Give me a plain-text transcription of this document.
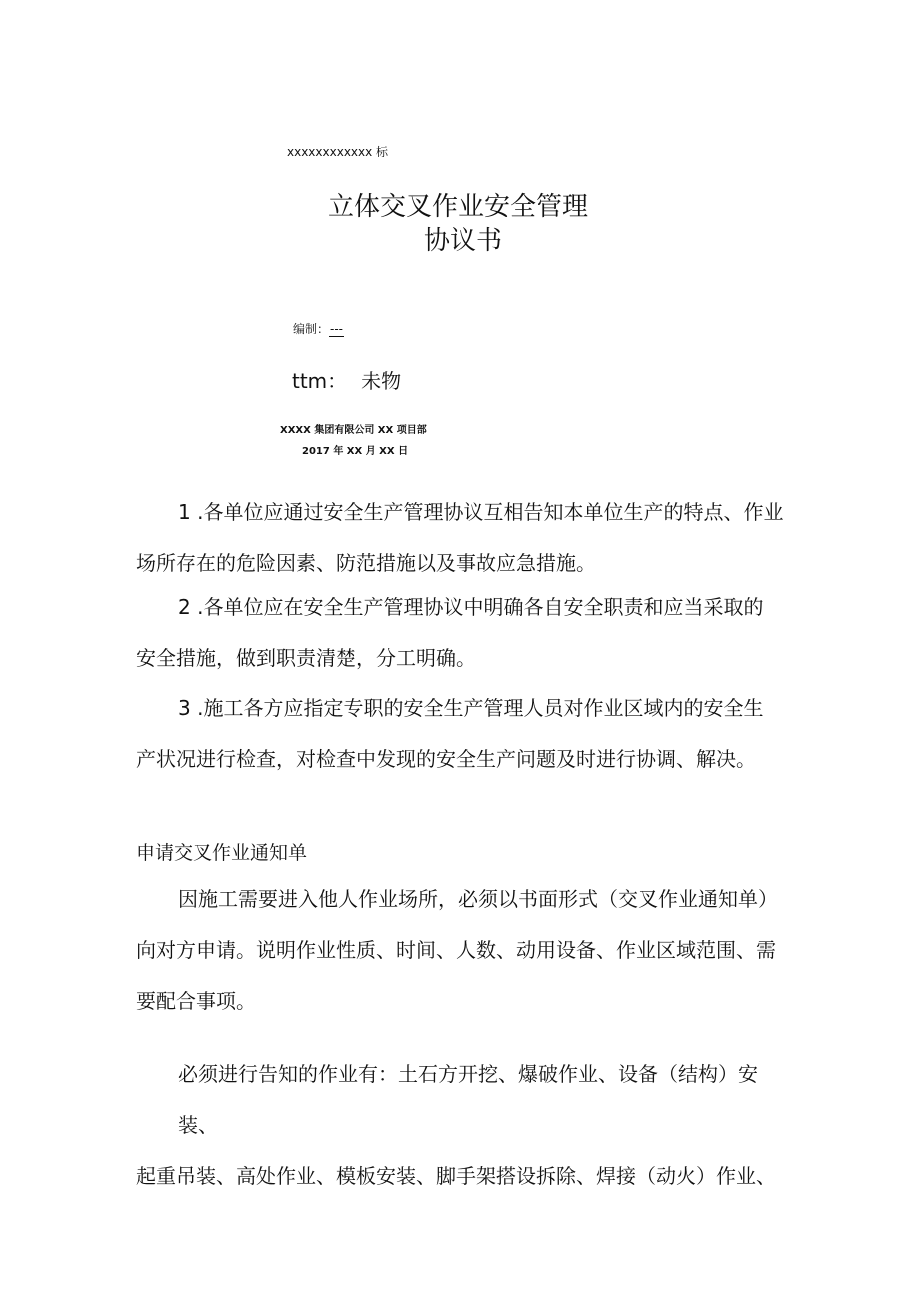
xxxxxxxxxxxx 标
立体交叉作业安全管理
协议书
编制：---
ttm： 未物
XXXX 集团有限公司 XX 项目部
2017 年 XX 月 XX 日
1 .各单位应通过安全生产管理协议互相告知本单位生产的特点、作业
场所存在的危险因素、防范措施以及事故应急措施。
2 .各单位应在安全生产管理协议中明确各自安全职责和应当采取的
安全措施，做到职责清楚，分工明确。
3 .施工各方应指定专职的安全生产管理人员对作业区域内的安全生
产状况进行检查，对检查中发现的安全生产问题及时进行协调、解决。
申请交叉作业通知单
因施工需要进入他人作业场所，必须以书面形式（交叉作业通知单）
向对方申请。说明作业性质、时间、人数、动用设备、作业区域范围、需
要配合事项。
必须进行告知的作业有：土石方开挖、爆破作业、设备（结构）安装、
起重吊装、高处作业、模板安装、脚手架搭设拆除、焊接（动火）作业、
